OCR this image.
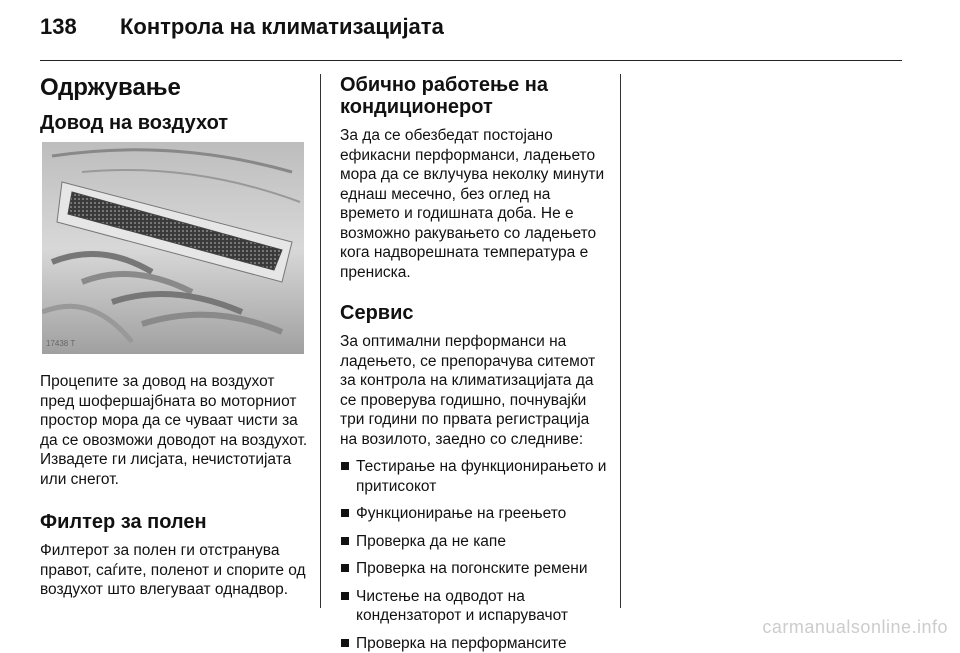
138 Контрола на климатизацијата
Одржување
Довод на воздухот
17438 T

Процепите за довод на воздухот пред шофершајбната во моторниот простор мора да се чуваат чисти за да се овозможи доводот на воздухот. Извадете ги лисјата, нечистотијата или снегот.

Филтер за полен

Филтерот за полен ги отстранува правот, саѓите, поленот и спорите од воздухот што влегуваат однадвор.

Обично работење на кондиционерот

За да се обезбедат постојано ефикасни перформанси, ладењето мора да се вклучува неколку минути еднаш месечно, без оглед на времето и годишната доба. Не е возможно ракувањето со ладењето кога надворешната температура е прениска.

Сервис

За оптимални перформанси на ладењето, се препорачува ситемот за контрола на климатизацијата да се проверува годишно, почнувајќи три години по првата регистрација на возилото, заедно со следниве:

Тестирање на функционирањето и притисокот
Функционирање на греењето
Проверка да не капе
Проверка на погонските ремени
Чистење на одводот на кондензаторот и испарувачот
Проверка на перформансите
carmanualsonline.info
